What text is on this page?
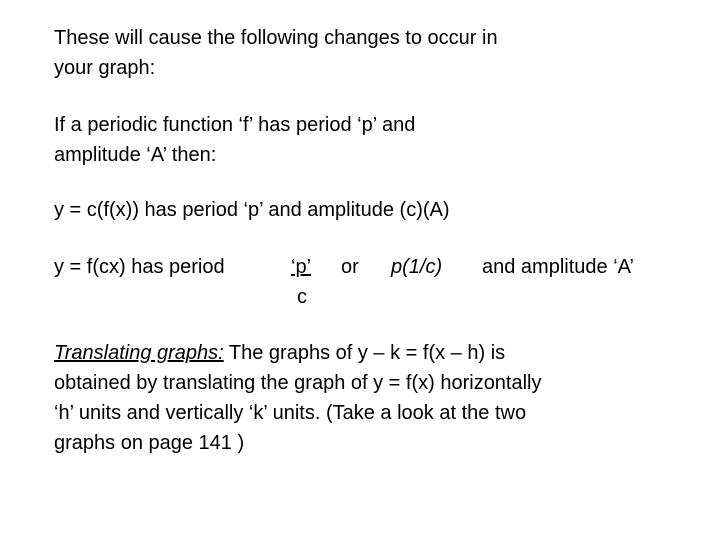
These will cause the following changes to occur in
your graph:
If a periodic function ‘f’ has period ‘p’ and
amplitude ‘A’ then:
y = c(f(x)) has period ‘p’ and amplitude (c)(A)
y = f(cx) has period	‘p’ or p(1/c) and amplitude ‘A’
c
Translating graphs: The graphs of y – k = f(x – h) is
obtained by translating the graph of y = f(x) horizontally
‘h’ units and vertically ‘k’ units. (Take a look at the two
graphs on page 141 )
